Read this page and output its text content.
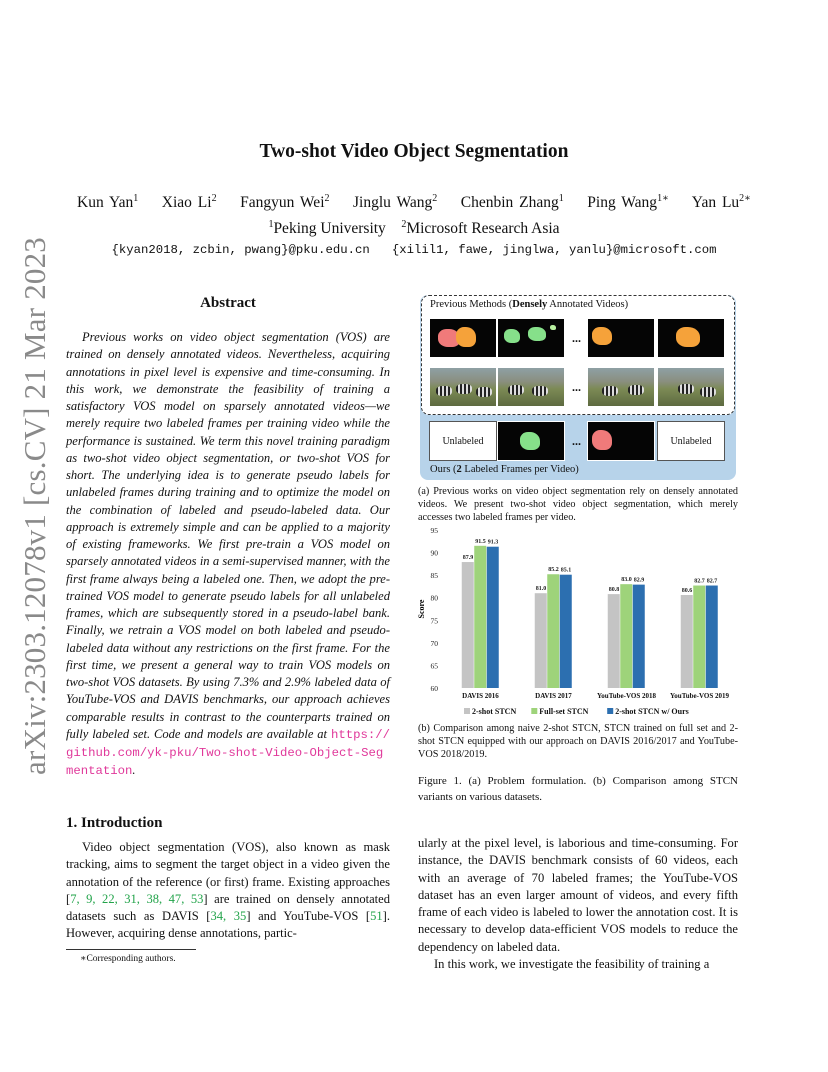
arXiv:2303.12078v1 [cs.CV] 21 Mar 2023
Two-shot Video Object Segmentation
Kun Yan$^1$ Xiao Li$^2$ Fangyun Wei$^2$ Jinglu Wang$^2$ Chenbin Zhang$^1$ Ping Wang$^{1∗}$ Yan $Lu^{2∗}$
$^1$Peking University $^2$Microsoft Research Asia
{kyan2018, zcbin, pwang}@pku.edu.cn   {xilil1, fawe, jinglwa, yanlu}@microsoft.com
Abstract
Previous works on video object segmentation (VOS) are trained on densely annotated videos. Nevertheless, acquiring annotations in pixel level is expensive and time-consuming. In this work, we demonstrate the feasibility of training a satisfactory VOS model on sparsely annotated videos—we merely require two labeled frames per training video while the performance is sustained. We term this novel training paradigm as two-shot video object segmentation, or two-shot VOS for short. The underlying idea is to generate pseudo labels for unlabeled frames during training and to optimize the model on the combination of labeled and pseudo-labeled data. Our approach is extremely simple and can be applied to a majority of existing frameworks. We first pre-train a VOS model on sparsely annotated videos in a semi-supervised manner, with the first frame always being a labeled one. Then, we adopt the pre-trained VOS model to generate pseudo labels for all unlabeled frames, which are subsequently stored in a pseudo-label bank. Finally, we retrain a VOS model on both labeled and pseudo-labeled data without any restrictions on the first frame. For the first time, we present a general way to train VOS models on two-shot VOS datasets. By using 7.3% and 2.9% labeled data of YouTube-VOS and DAVIS benchmarks, our approach achieves comparable results in contrast to the counterparts trained on fully labeled set. Code and models are available at https://github.com/yk-pku/Two-shot-Video-Object-Segmentation.
1. Introduction
Video object segmentation (VOS), also known as mask tracking, aims to segment the target object in a video given the annotation of the reference (or first) frame. Existing approaches [7, 9, 22, 31, 38, 47, 53] are trained on densely annotated datasets such as DAVIS [34, 35] and YouTube-VOS [51]. However, acquiring dense annotations, partic-
∗Corresponding authors.

ularly at the pixel level, is laborious and time-consuming. For instance, the DAVIS benchmark consists of 60 videos, each with an average of 70 labeled frames; the YouTube-VOS dataset has an even larger amount of videos, and every fifth frame of each video is labeled to lower the annotation cost. It is necessary to develop data-efficient VOS models to reduce the dependency on labeled data.

In this work, we investigate the feasibility of training a

Previous Methods (Densely Annotated Videos)
...
...
Unlabeled	...	Unlabeled
Ours (2 Labeled Frames per Video)
(a) Previous works on video object segmentation rely on densely annotated videos. We present two-shot video object segmentation, which merely accesses two labeled frames per video.
60
65
70
75
80
85
90
95
Score
87.9
91.5 91.3
DAVIS 2016
81.0
85.2 85.1
DAVIS 2017
80.8
83.0 82.9
YouTube-VOS 2018
80.6
82.7 82.7
YouTube-VOS 2019
2-shot STCN	Full-set STCN	2-shot STCN w/ Ours
(b) Comparison among naive 2-shot STCN, STCN trained on full set and 2-shot STCN equipped with our approach on DAVIS 2016/2017 and YouTube-VOS 2018/2019.
Figure 1. (a) Problem formulation. (b) Comparison among STCN variants on various datasets.
